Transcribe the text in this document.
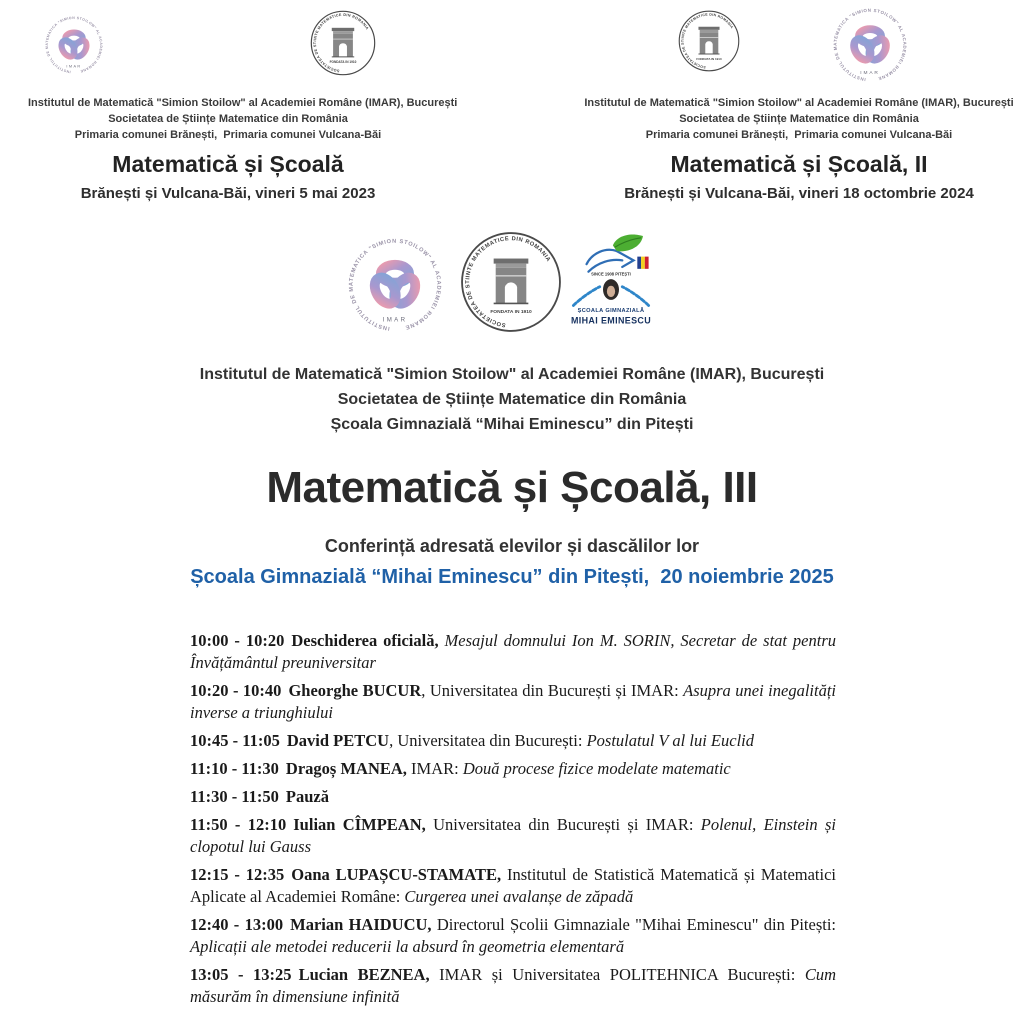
INSTITUTUL DE MATEMATICA "SIMION STOILOW" AL ACADEMIEI ROMANE
IMAR
SOCIETATEA DE STIINTE MATEMATICE DIN ROMANIA
FONDATA IN 1910
Institutul de Matematică "Simion Stoilow" al Academiei Române (IMAR), București
Societatea de Științe Matematice din România
Primaria comunei Brănești,  Primaria comunei Vulcana-Băi
Matematică și Școală
Brănești și Vulcana-Băi, vineri 5 mai 2023
SOCIETATEA DE STIINTE MATEMATICE DIN ROMANIA
FONDATA IN 1910
INSTITUTUL DE MATEMATICA "SIMION STOILOW" AL ACADEMIEI ROMANE
IMAR
Institutul de Matematică "Simion Stoilow" al Academiei Române (IMAR), București
Societatea de Științe Matematice din România
Primaria comunei Brănești,  Primaria comunei Vulcana-Băi
Matematică și Școală, II
Brănești și Vulcana-Băi, vineri 18 octombrie 2024
INSTITUTUL DE MATEMATICA "SIMION STOILOW" AL ACADEMIEI ROMANE
IMAR
SOCIETATEA DE STIINTE MATEMATICE DIN ROMANIA
FONDATA IN 1910
SINCE 1908 PITEȘTI
ȘCOALA GIMNAZIALĂ
MIHAI EMINESCU
Institutul de Matematică "Simion Stoilow" al Academiei Române (IMAR), București
Societatea de Științe Matematice din România
Școala Gimnazială “Mihai Eminescu” din Pitești
Matematică și Școală, III
Conferință adresată elevilor și dascălilor lor
Școala Gimnazială “Mihai Eminescu” din Pitești,  20 noiembrie 2025

10:00 - 10:20 Deschiderea oficială, Mesajul domnului Ion M. SORIN, Secretar de stat pentru Învățământul preuniversitar

10:20 - 10:40 Gheorghe BUCUR, Universitatea din București și IMAR: Asupra unei inegalități inverse a triunghiului

10:45 - 11:05 David PETCU, Universitatea din București: Postulatul V al lui Euclid

11:10 - 11:30 Dragoș MANEA, IMAR: Două procese fizice modelate matematic

11:30 - 11:50 Pauză

11:50 - 12:10 Iulian CÎMPEAN, Universitatea din București și IMAR: Polenul, Einstein și clopotul lui Gauss

12:15 - 12:35 Oana LUPAȘCU-STAMATE, Institutul de Statistică Matematică și Matematici Aplicate al Academiei Române: Curgerea unei avalanșe de zăpadă

12:40 - 13:00 Marian HAIDUCU, Directorul Școlii Gimnaziale "Mihai Eminescu" din Pitești: Aplicații ale metodei reducerii la absurd în geometria elementară

13:05 - 13:25 Lucian BEZNEA, IMAR și Universitatea POLITEHNICA București: Cum măsurăm în dimensiune infinită
